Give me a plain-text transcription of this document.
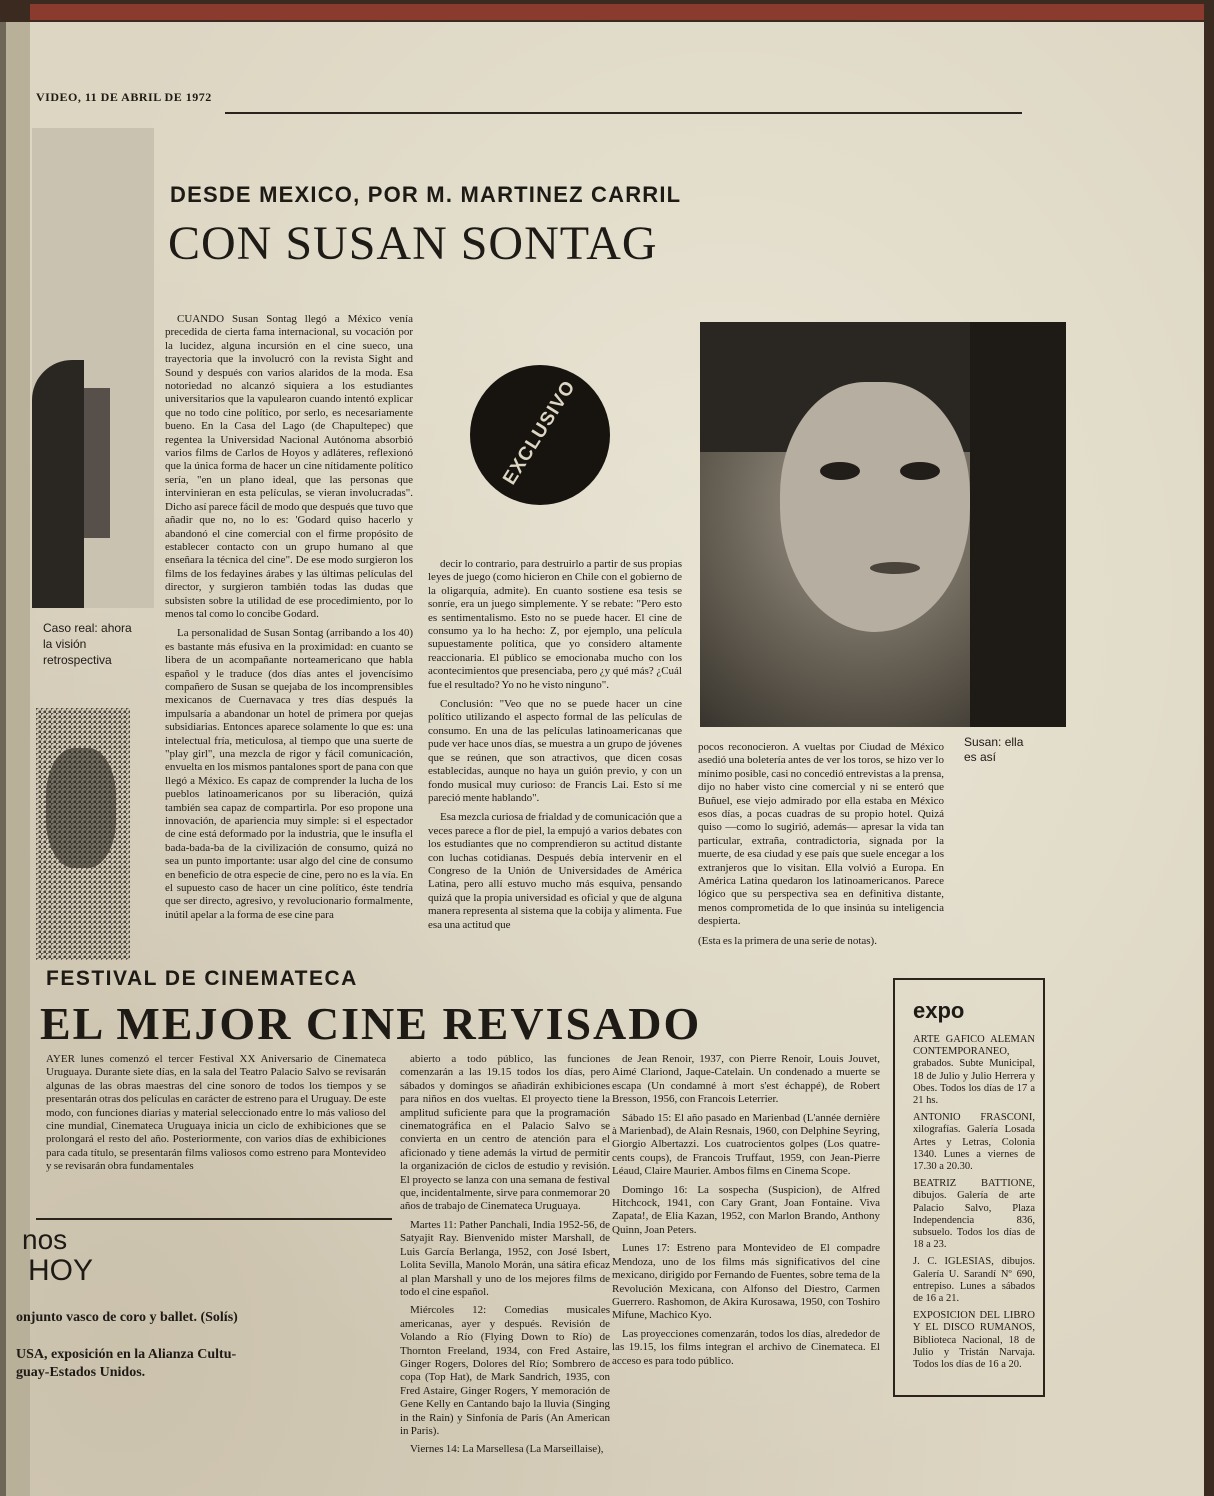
VIDEO, 11 DE ABRIL DE 1972
Caso real: ahora la visión retrospectiva
DESDE MEXICO, POR M. MARTINEZ CARRIL
CON SUSAN SONTAG

CUANDO Susan Sontag llegó a México venía precedida de cierta fama internacional, su vocación por la lucidez, alguna incursión en el cine sueco, una trayectoria que la involucró con la revista Sight and Sound y después con varios alaridos de la moda. Esa notoriedad no alcanzó siquiera a los estudiantes universitarios que la vapulearon cuando intentó explicar que no todo cine político, por serlo, es necesariamente bueno. En la Casa del Lago (de Chapultepec) que regentea la Universidad Nacional Autónoma absorbió varios films de Carlos de Hoyos y adláteres, reflexionó que la única forma de hacer un cine nítidamente político sería, "en un plano ideal, que las personas que intervinieran en esta películas, se vieran involucradas". Dicho así parece fácil de modo que después que tuvo que añadir que no, no lo es: 'Godard quiso hacerlo y abandonó el cine comercial con el firme propósito de establecer contacto con un grupo humano al que enseñara la técnica del cine". De ese modo surgieron los films de los fedayines árabes y las últimas películas del director, y surgieron también todas las dudas que subsisten sobre la utilidad de ese procedimiento, por lo menos tal como lo concibe Godard.

La personalidad de Susan Sontag (arribando a los 40) es bastante más efusiva en la proximidad: en cuanto se libera de un acompañante norteamericano que habla español y le traduce (dos días antes el jovencísimo compañero de Susan se quejaba de los incomprensibles mexicanos de Cuernavaca y tres días después la impulsaría a abandonar un hotel de primera por quejas subsidiarias. Entonces aparece solamente lo que es: una intelectual fría, meticulosa, al tiempo que una suerte de "play girl", una mezcla de rigor y fácil comunicación, envuelta en los mismos pantalones sport de pana con que llegó a México. Es capaz de comprender la lucha de los pueblos latinoamericanos por su liberación, quizá también sea capaz de compartirla. Por eso propone una innovación, de apariencia muy simple: si el espectador de cine está deformado por la industria, que le insufla el bada-bada-ba de la civilización de consumo, quizá no sea un punto importante: usar algo del cine de consumo en beneficio de otra especie de cine, pero no es la vía. En el supuesto caso de hacer un cine político, éste tendría que ser directo, agresivo, y revolucionario formalmente, inútil apelar a la forma de ese cine para

EXCLUSIVO
Susan: ella es así

decir lo contrario, para destruirlo a partir de sus propias leyes de juego (como hicieron en Chile con el gobierno de la oligarquía, admite). En cuanto sostiene esa tesis se sonríe, era un juego simplemente. Y se rebate: "Pero esto es sentimentalismo. Esto no se puede hacer. El cine de consumo ya lo ha hecho: Z, por ejemplo, una película supuestamente política, que yo considero altamente reaccionaria. El público se emocionaba mucho con los acontecimientos que presenciaba, pero ¿y qué más? ¿Cuál fue el resultado? Yo no he visto ninguno".

Conclusión: "Veo que no se puede hacer un cine político utilizando el aspecto formal de las películas de consumo. En una de las películas latinoamericanas que pude ver hace unos días, se muestra a un grupo de jóvenes que se reúnen, que son atractivos, que dicen cosas establecidas, aunque no haya un guión previo, y con un fondo musical muy curioso: de Francis Lai. Esto sí me pareció mente hablando".

Esa mezcla curiosa de frialdad y de comunicación que a veces parece a flor de piel, la empujó a varios debates con los estudiantes que no comprendieron su actitud distante con luchas cotidianas. Después debía intervenir en el Congreso de la Unión de Universidades de América Latina, pero allí estuvo mucho más esquiva, pensando quizá que la propia universidad es oficial y que de alguna manera representa al sistema que la cobija y alimenta. Fue esa una actitud que

pocos reconocieron. A vueltas por Ciudad de México asedió una boletería antes de ver los toros, se hizo ver lo mínimo posible, casi no concedió entrevistas a la prensa, dijo no haber visto cine comercial y ni se enteró que Buñuel, ese viejo admirado por ella estaba en México esos días, a pocas cuadras de su propio hotel. Quizá quiso —como lo sugirió, además— apresar la vida tan particular, extraña, contradictoria, signada por la muerte, de esa ciudad y ese país que suele encegar a los extranjeros que lo visitan. Ella volvió a Europa. En América Latina quedaron los latinoamericanos. Parece lógico que su perspectiva sea en definitiva distante, menos comprometida de lo que insinúa su inteligencia despierta.

(Esta es la primera de una serie de notas).

FESTIVAL DE CINEMATECA
EL MEJOR CINE REVISADO

AYER lunes comenzó el tercer Festival XX Aniversario de Cinemateca Uruguaya. Durante siete días, en la sala del Teatro Palacio Salvo se revisarán algunas de las obras maestras del cine sonoro de todos los tiempos y se presentarán otras dos películas en carácter de estreno para el Uruguay. De este modo, con funciones diarias y material seleccionado entre lo más valioso del cine mundial, Cinemateca Uruguaya inicia un ciclo de exhibiciones que se prolongará el resto del año. Posteriormente, con varios días de exhibiciones para cada título, se presentarán films valiosos como estreno para Montevideo y se revisarán obra fundamentales

abierto a todo público, las funciones comenzarán a las 19.15 todos los días, pero sábados y domingos se añadirán exhibiciones para niños en dos vueltas. El proyecto tiene la amplitud suficiente para que la programación cinematográfica en el Palacio Salvo se convierta en un centro de atención para el aficionado y tiene además la virtud de permitir la organización de ciclos de estudio y revisión. El proyecto se lanza con una semana de festival que, incidentalmente, sirve para conmemorar 20 años de trabajo de Cinemateca Uruguaya.

Martes 11: Pather Panchali, India 1952-56, de Satyajit Ray. Bienvenido mister Marshall, de Luis García Berlanga, 1952, con José Isbert, Lolita Sevilla, Manolo Morán, una sátira eficaz al plan Marshall y uno de los mejores films de todo el cine español.

Miércoles 12: Comedias musicales americanas, ayer y después. Revisión de Volando a Río (Flying Down to Río) de Thornton Freeland, 1934, con Fred Astaire, Ginger Rogers, Dolores del Río; Sombrero de copa (Top Hat), de Mark Sandrich, 1935, con Fred Astaire, Ginger Rogers, Y memoración de Gene Kelly en Cantando bajo la lluvia (Singing in the Rain) y Sinfonía de París (An American in Paris).

Viernes 14: La Marsellesa (La Marseillaise),

de Jean Renoir, 1937, con Pierre Renoir, Louis Jouvet, Aimé Clariond, Jaque-Catelain. Un condenado a muerte se escapa (Un condamné à mort s'est échappé), de Robert Bresson, 1956, con Francois Leterrier.

Sábado 15: El año pasado en Marienbad (L'année dernière à Marienbad), de Alain Resnais, 1960, con Delphine Seyring, Giorgio Albertazzi. Los cuatrocientos golpes (Los quatre-cents coups), de Francois Truffaut, 1959, con Jean-Pierre Léaud, Claire Maurier. Ambos films en Cinema Scope.

Domingo 16: La sospecha (Suspicion), de Alfred Hitchcock, 1941, con Cary Grant, Joan Fontaine. Viva Zapata!, de Elia Kazan, 1952, con Marlon Brando, Anthony Quinn, Joan Peters.

Lunes 17: Estreno para Montevideo de El compadre Mendoza, uno de los films más significativos del cine mexicano, dirigido por Fernando de Fuentes, sobre tema de la Revolución Mexicana, con Alfonso del Diestro, Carmen Guerrero. Rashomon, de Akira Kurosawa, 1950, con Toshiro Mifune, Machico Kyo.

Las proyecciones comenzarán, todos los días, alrededor de las 19.15, los films integran el archivo de Cinemateca. El acceso es para todo público.

nos
HOY
onjunto vasco de coro y ballet. (Solís)
USA, exposición en la Alianza Cultu- guay-Estados Unidos.
expo

ARTE GAFICO ALEMAN CONTEMPORANEO, grabados. Subte Municipal, 18 de Julio y Julio Herrera y Obes. Todos los días de 17 a 21 hs.

ANTONIO FRASCONI, xilografías. Galería Losada Artes y Letras, Colonia 1340. Lunes a viernes de 17.30 a 20.30.

BEATRIZ BATTIONE, dibujos. Galería de arte Palacio Salvo, Plaza Independencia 836, subsuelo. Todos los días de 18 a 23.

J. C. IGLESIAS, dibujos. Galería U. Sarandí Nº 690, entrepiso. Lunes a sábados de 16 a 21.

EXPOSICION DEL LIBRO Y EL DISCO RUMANOS, Biblioteca Nacional, 18 de Julio y Tristán Narvaja. Todos los días de 16 a 20.
